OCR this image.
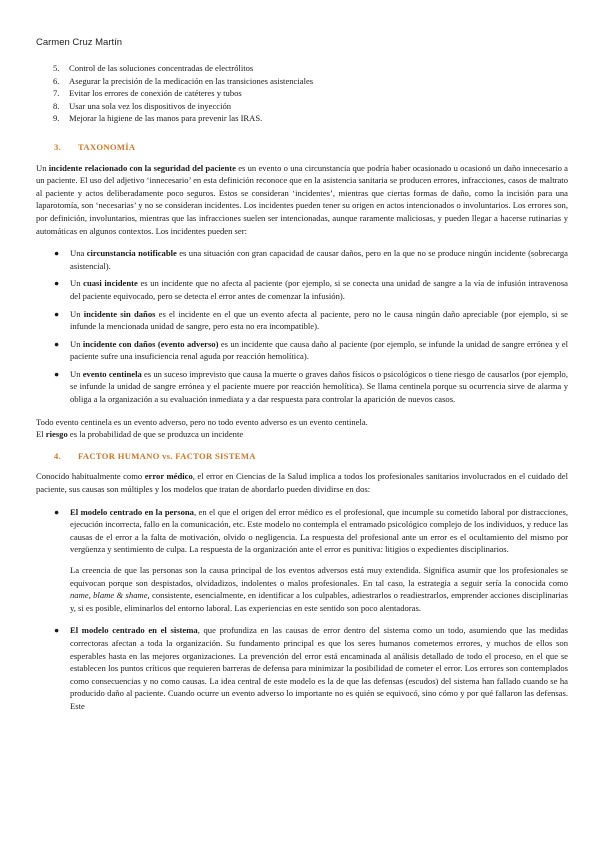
Carmen Cruz Martín
5. Control de las soluciones concentradas de electrólitos
6. Asegurar la precisión de la medicación en las transiciones asistenciales
7. Evitar los errores de conexión de catéteres y tubos
8. Usar una sola vez los dispositivos de inyección
9. Mejorar la higiene de las manos para prevenir las IRAS.
3. TAXONOMÍA

Un incidente relacionado con la seguridad del paciente es un evento o una circunstancia que podría haber ocasionado u ocasionó un daño innecesario a un paciente. El uso del adjetivo ‘innecesario’ en esta definición reconoce que en la asistencia sanitaria se producen errores, infracciones, casos de maltrato al paciente y actos deliberadamente poco seguros. Estos se consideran ‘incidentes’, mientras que ciertas formas de daño, como la incisión para una laparotomía, son ‘necesarias’ y no se consideran incidentes. Los incidentes pueden tener su origen en actos intencionados o involuntarios. Los errores son, por definición, involuntarios, mientras que las infracciones suelen ser intencionadas, aunque raramente maliciosas, y pueden llegar a hacerse rutinarias y automáticas en algunos contextos. Los incidentes pueden ser:

● Una circunstancia notificable es una situación con gran capacidad de causar daños, pero en la que no se produce ningún incidente (sobrecarga asistencial).
● Un cuasi incidente es un incidente que no afecta al paciente (por ejemplo, si se conecta una unidad de sangre a la vía de infusión intravenosa del paciente equivocado, pero se detecta el error antes de comenzar la infusión).
● Un incidente sin daños es el incidente en el que un evento afecta al paciente, pero no le causa ningún daño apreciable (por ejemplo, si se infunde la mencionada unidad de sangre, pero esta no era incompatible).
● Un incidente con daños (evento adverso) es un incidente que causa daño al paciente (por ejemplo, se infunde la unidad de sangre errónea y el paciente sufre una insuficiencia renal aguda por reacción hemolítica).
● Un evento centinela es un suceso imprevisto que causa la muerte o graves daños físicos o psicológicos o tiene riesgo de causarlos (por ejemplo, se infunde la unidad de sangre errónea y el paciente muere por reacción hemolítica). Se llama centinela porque su ocurrencia sirve de alarma y obliga a la organización a su evaluación inmediata y a dar respuesta para controlar la aparición de nuevos casos.

Todo evento centinela es un evento adverso, pero no todo evento adverso es un evento centinela.

El riesgo es la probabilidad de que se produzca un incidente

4. FACTOR HUMANO vs. FACTOR SISTEMA

Conocido habitualmente como error médico, el error en Ciencias de la Salud implica a todos los profesionales sanitarios involucrados en el cuidado del paciente, sus causas son múltiples y los modelos que tratan de abordarlo pueden dividirse en dos:

● El modelo centrado en la persona, en el que el origen del error médico es el profesional, que incumple su cometido laboral por distracciones, ejecución incorrecta, fallo en la comunicación, etc. Este modelo no contempla el entramado psicológico complejo de los individuos, y reduce las causas de el error a la falta de motivación, olvido o negligencia. La respuesta del profesional ante un error es el ocultamiento del mismo por vergüenza y sentimiento de culpa. La respuesta de la organización ante el error es punitiva: litigios o expedientes disciplinarios.

La creencia de que las personas son la causa principal de los eventos adversos está muy extendida. Significa asumir que los profesionales se equivocan porque son despistados, olvidadizos, indolentes o malos profesionales. En tal caso, la estrategia a seguir sería la conocida como name, blame & shame, consistente, esencialmente, en identificar a los culpables, adiestrarlos o readiestrarlos, emprender acciones disciplinarias y, si es posible, eliminarlos del entorno laboral. Las experiencias en este sentido son poco alentadoras.

● El modelo centrado en el sistema, que profundiza en las causas de error dentro del sistema como un todo, asumiendo que las medidas correctoras afectan a toda la organización. Su fundamento principal es que los seres humanos cometemos errores, y muchos de ellos son esperables hasta en las mejores organizaciones. La prevención del error está encaminada al análisis detallado de todo el proceso, en el que se establecen los puntos críticos que requieren barreras de defensa para minimizar la posibilidad de cometer el error. Los errores son contemplados como consecuencias y no como causas. La idea central de este modelo es la de que las defensas (escudos) del sistema han fallado cuando se ha producido daño al paciente. Cuando ocurre un evento adverso lo importante no es quién se equivocó, sino cómo y por qué fallaron las defensas. Este
